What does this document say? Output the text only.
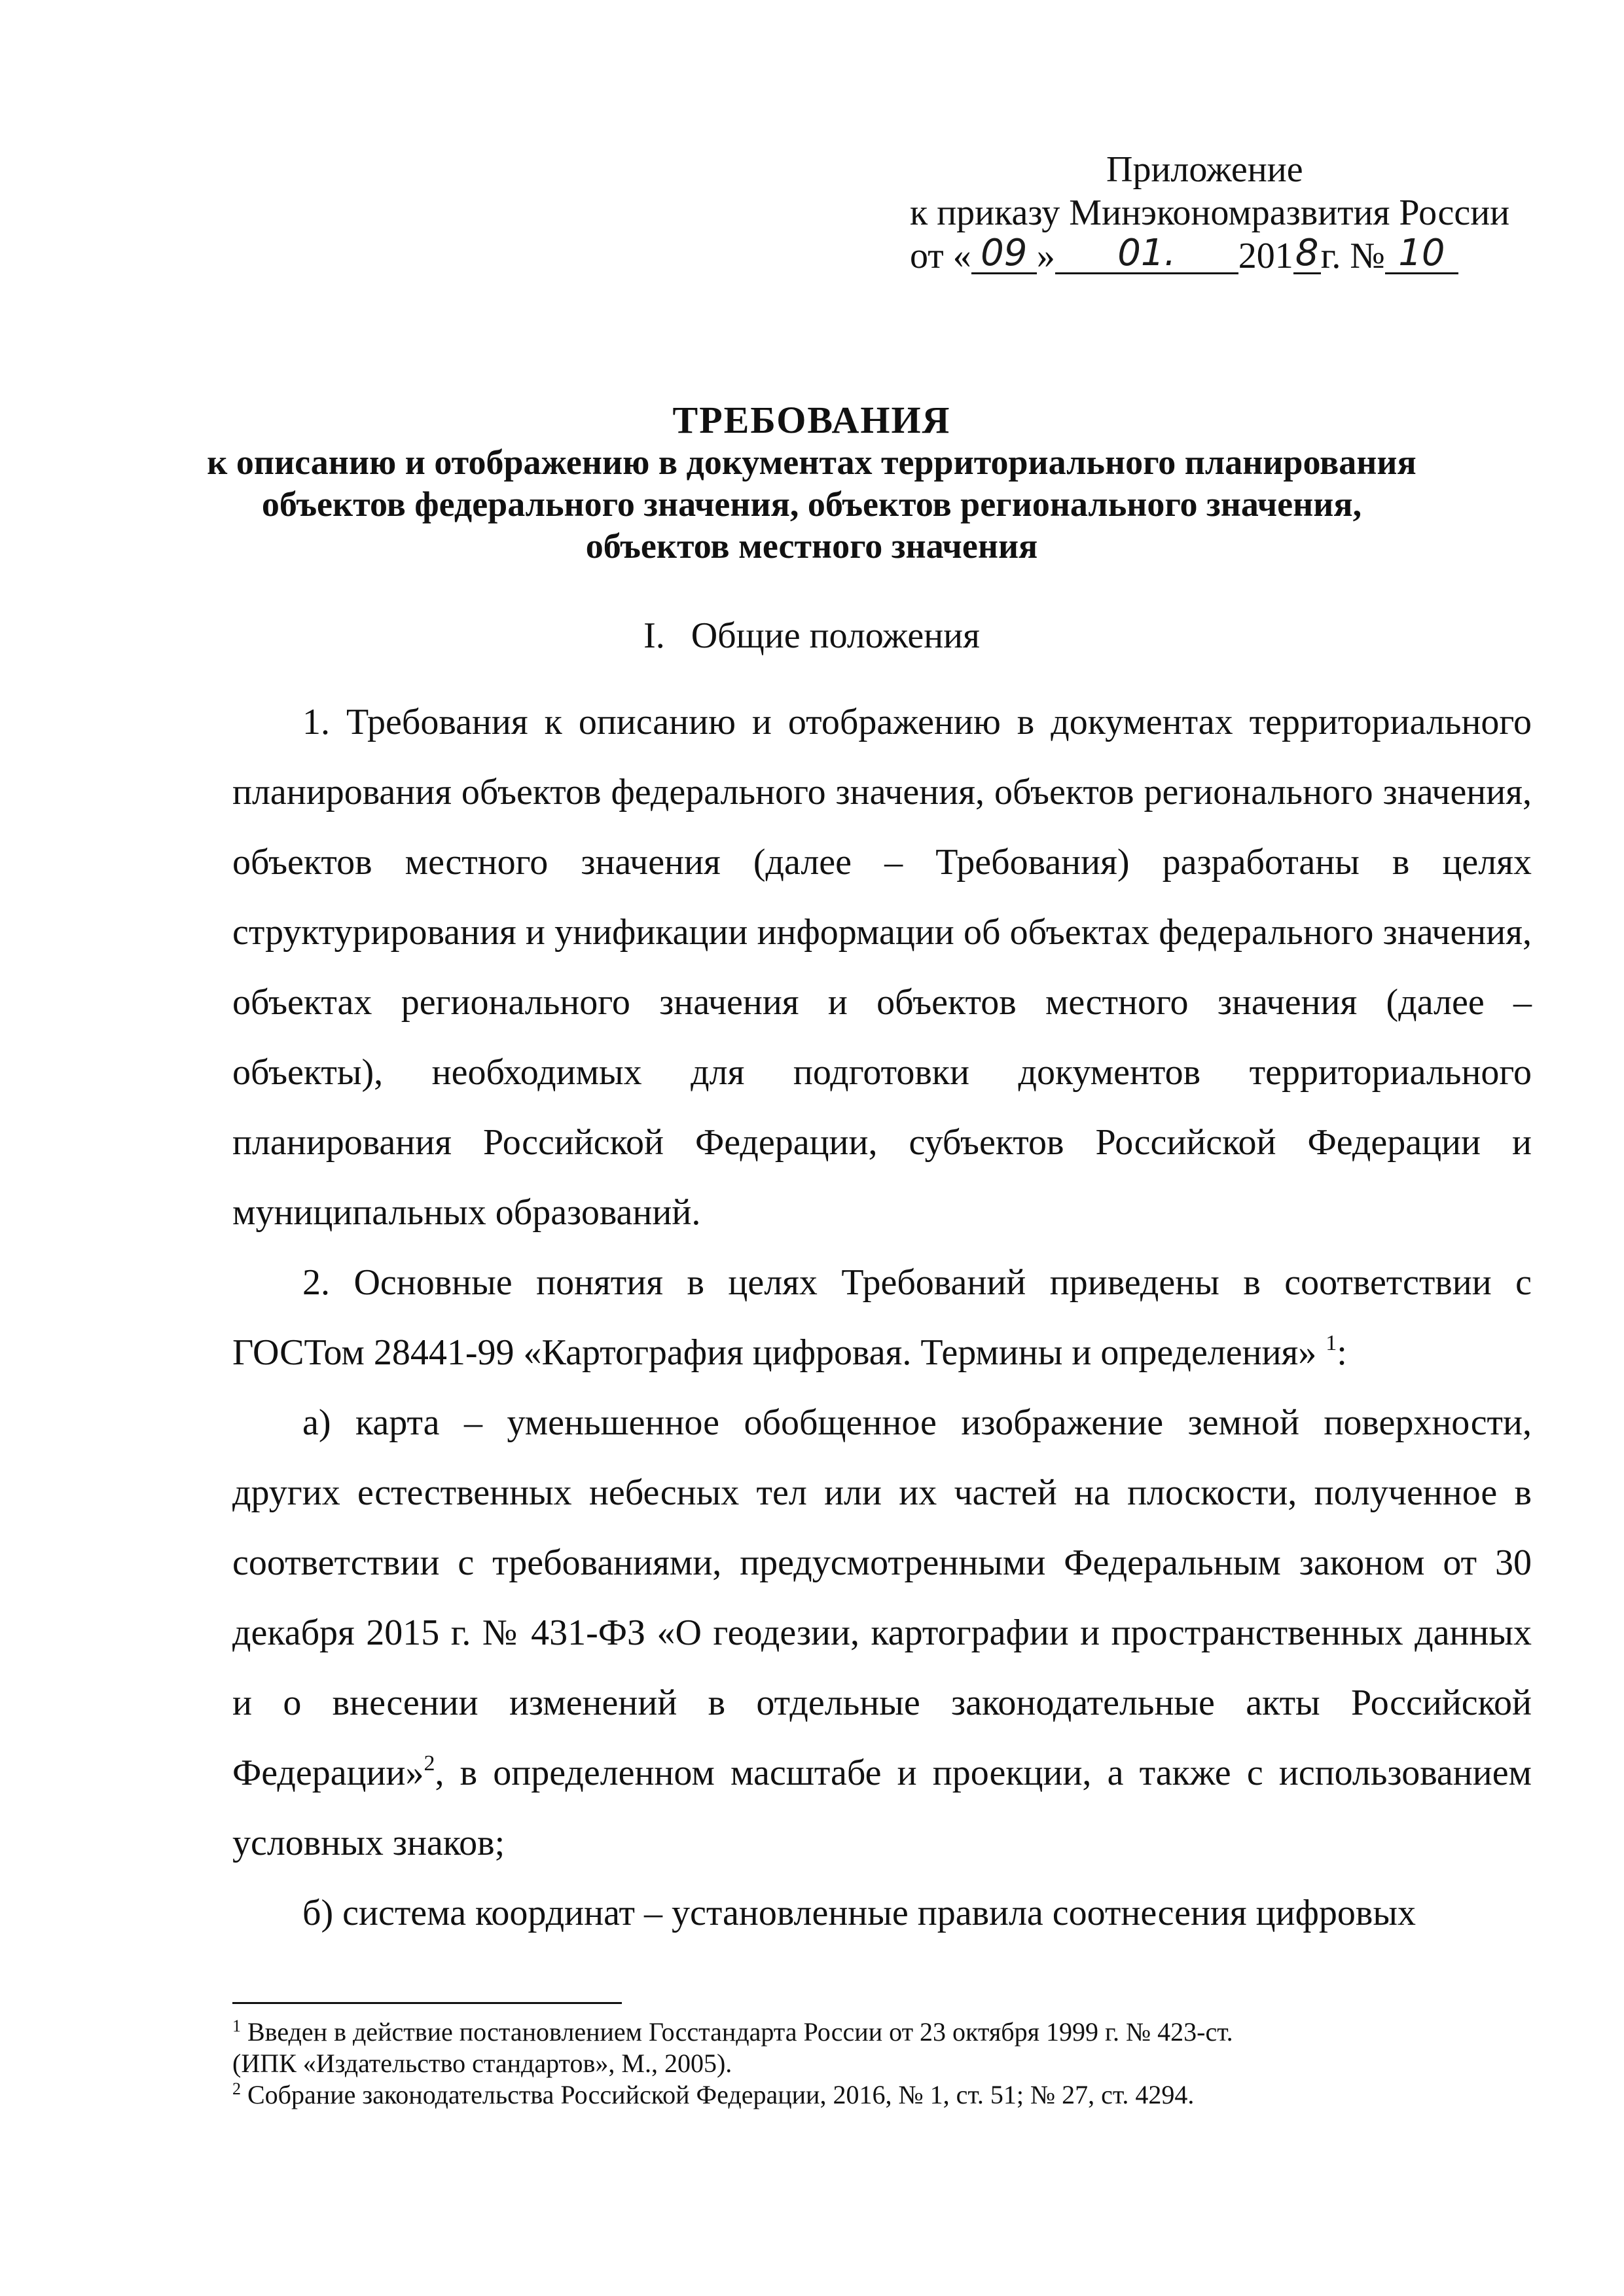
Приложение
к приказу Минэкономразвития России
от « 09 » 01. 2018г. № 10
ТРЕБОВАНИЯ
к описанию и отображению в документах территориального планирования
объектов федерального значения, объектов регионального значения,
объектов местного значения
I. Общие положения

1. Требования к описанию и отображению в документах территориального планирования объектов федерального значения, объектов регионального значения, объектов местного значения (далее – Требования) разработаны в целях структурирования и унификации информации об объектах федерального значения, объектах регионального значения и объектов местного значения (далее – объекты), необходимых для подготовки документов территориального планирования Российской Федерации, субъектов Российской Федерации и муниципальных образований.

2. Основные понятия в целях Требований приведены в соответствии с ГОСТом 28441-99 «Картография цифровая. Термины и определения» $^1$:

а) карта – уменьшенное обобщенное изображение земной поверхности, других естественных небесных тел или их частей на плоскости, полученное в соответствии с требованиями, предусмотренными Федеральным законом от 30 декабря 2015 г. № 431-ФЗ «О геодезии, картографии и пространственных данных и о внесении изменений в отдельные законодательные акты Российской Федерации»$^2$, в определенном масштабе и проекции, а также с использованием условных знаков;

б) система координат – установленные правила соотнесения цифровых

$^1$ Введен в действие постановлением Госстандарта России от 23 октября 1999 г. № 423-ст.
(ИПК «Издательство стандартов», М., 2005).
$^2$ Собрание законодательства Российской Федерации, 2016, № 1, ст. 51; № 27, ст. 4294.
